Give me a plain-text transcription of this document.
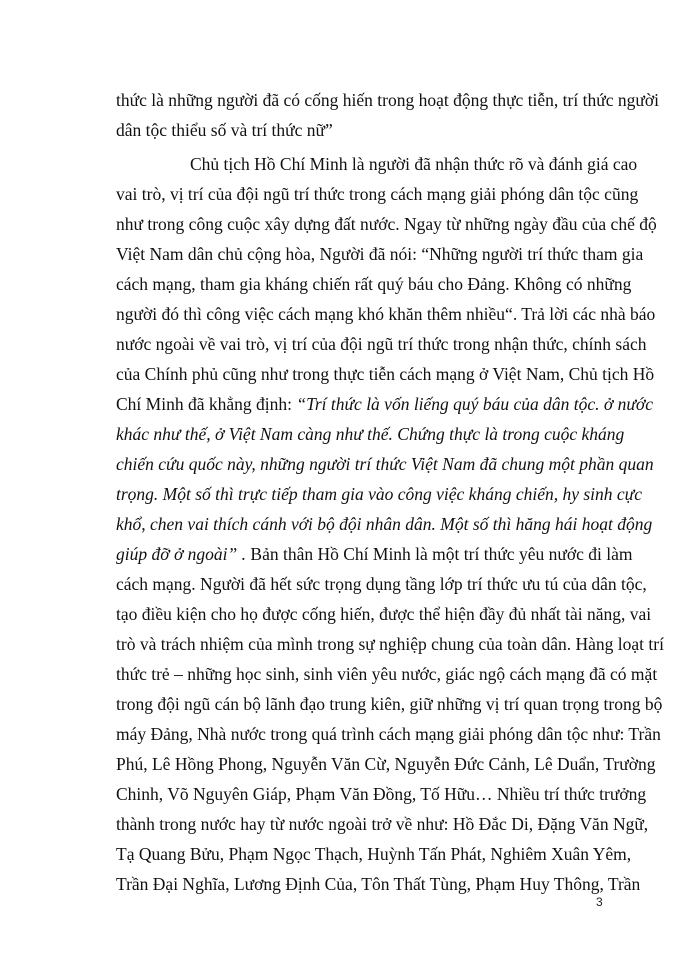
thức là những người đã có cống hiến trong hoạt động thực tiễn, trí thức người
dân tộc thiểu số và trí thức nữ”
Chủ tịch Hồ Chí Minh là người đã nhận thức rõ và đánh giá cao
vai trò, vị trí của đội ngũ trí thức trong cách mạng giải phóng dân tộc cũng
như trong công cuộc xây dựng đất nước. Ngay từ những ngày đầu của chế độ
Việt Nam dân chủ cộng hòa, Người đã nói: “Những người trí thức tham gia
cách mạng, tham gia kháng chiến rất quý báu cho Đảng. Không có những
người đó thì công việc cách mạng khó khăn thêm nhiều“. Trả lời các nhà báo
nước ngoài về vai trò, vị trí của đội ngũ trí thức trong nhận thức, chính sách
của Chính phủ cũng như trong thực tiễn cách mạng ở Việt Nam, Chủ tịch Hồ
Chí Minh đã khẳng định: “Trí thức là vốn liếng quý báu của dân tộc. ở nước
khác như thế, ở Việt Nam càng như thế. Chứng thực là trong cuộc kháng
chiến cứu quốc này, những người trí thức Việt Nam đã chung một phần quan
trọng. Một số thì trực tiếp tham gia vào công việc kháng chiến, hy sinh cực
khổ, chen vai thích cánh với bộ đội nhân dân. Một số thì hăng hái hoạt động
giúp đỡ ở ngoài” . Bản thân Hồ Chí Minh là một trí thức yêu nước đi làm
cách mạng. Người đã hết sức trọng dụng tầng lớp trí thức ưu tú của dân tộc,
tạo điều kiện cho họ được cống hiến, được thể hiện đầy đủ nhất tài năng, vai
trò và trách nhiệm của mình trong sự nghiệp chung của toàn dân. Hàng loạt trí
thức trẻ – những học sinh, sinh viên yêu nước, giác ngộ cách mạng đã có mặt
trong đội ngũ cán bộ lãnh đạo trung kiên, giữ những vị trí quan trọng trong bộ
máy Đảng, Nhà nước trong quá trình cách mạng giải phóng dân tộc như: Trần
Phú, Lê Hồng Phong, Nguyễn Văn Cừ, Nguyễn Đức Cảnh, Lê Duẩn, Trường
Chinh, Võ Nguyên Giáp, Phạm Văn Đồng, Tố Hữu… Nhiều trí thức trưởng
thành trong nước hay từ nước ngoài trở về như: Hồ Đắc Di, Đặng Văn Ngữ,
Tạ Quang Bửu, Phạm Ngọc Thạch, Huỳnh Tấn Phát, Nghiêm Xuân Yêm,
Trần Đại Nghĩa, Lương Định Của, Tôn Thất Tùng, Phạm Huy Thông, Trần
3
